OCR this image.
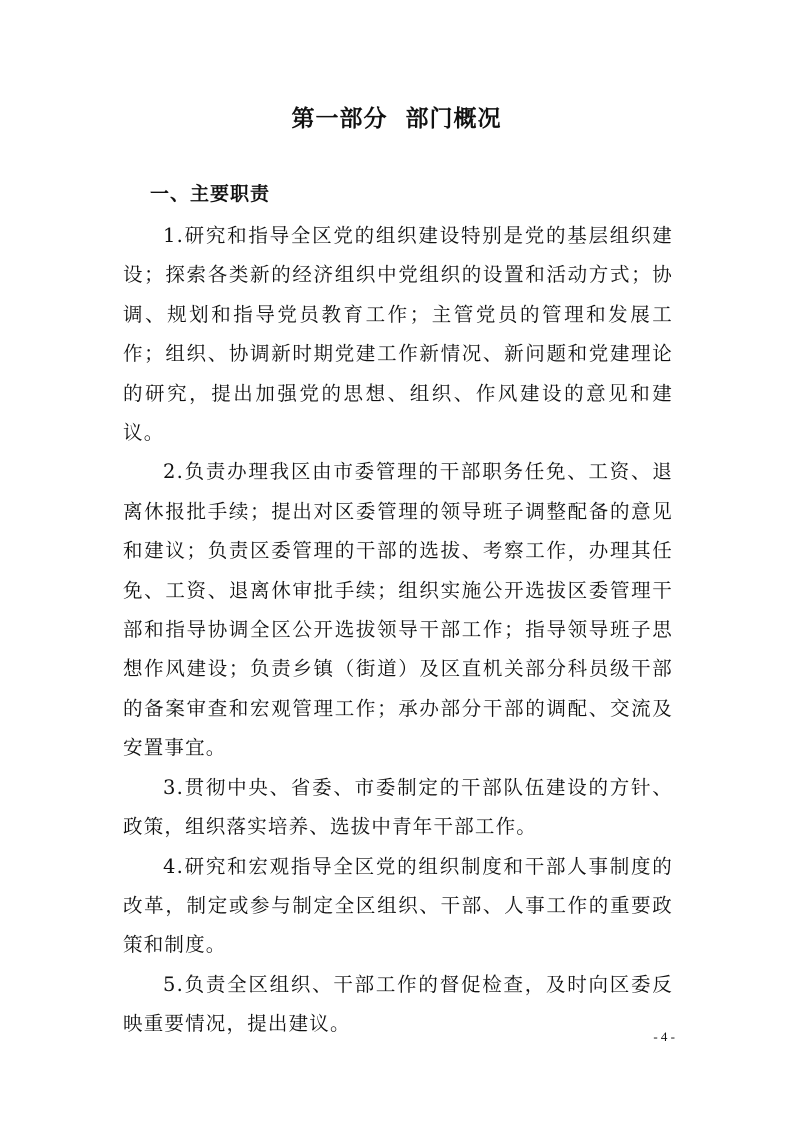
第一部分  部门概况
一、主要职责

1.研究和指导全区党的组织建设特别是党的基层组织建设；探索各类新的经济组织中党组织的设置和活动方式；协调、规划和指导党员教育工作；主管党员的管理和发展工作；组织、协调新时期党建工作新情况、新问题和党建理论的研究，提出加强党的思想、组织、作风建设的意见和建议。

2.负责办理我区由市委管理的干部职务任免、工资、退离休报批手续；提出对区委管理的领导班子调整配备的意见和建议；负责区委管理的干部的选拔、考察工作，办理其任免、工资、退离休审批手续；组织实施公开选拔区委管理干部和指导协调全区公开选拔领导干部工作；指导领导班子思想作风建设；负责乡镇（街道）及区直机关部分科员级干部的备案审查和宏观管理工作；承办部分干部的调配、交流及安置事宜。

3.贯彻中央、省委、市委制定的干部队伍建设的方针、政策，组织落实培养、选拔中青年干部工作。

4.研究和宏观指导全区党的组织制度和干部人事制度的改革，制定或参与制定全区组织、干部、人事工作的重要政策和制度。

5.负责全区组织、干部工作的督促检查，及时向区委反映重要情况，提出建议。

- 4 -
